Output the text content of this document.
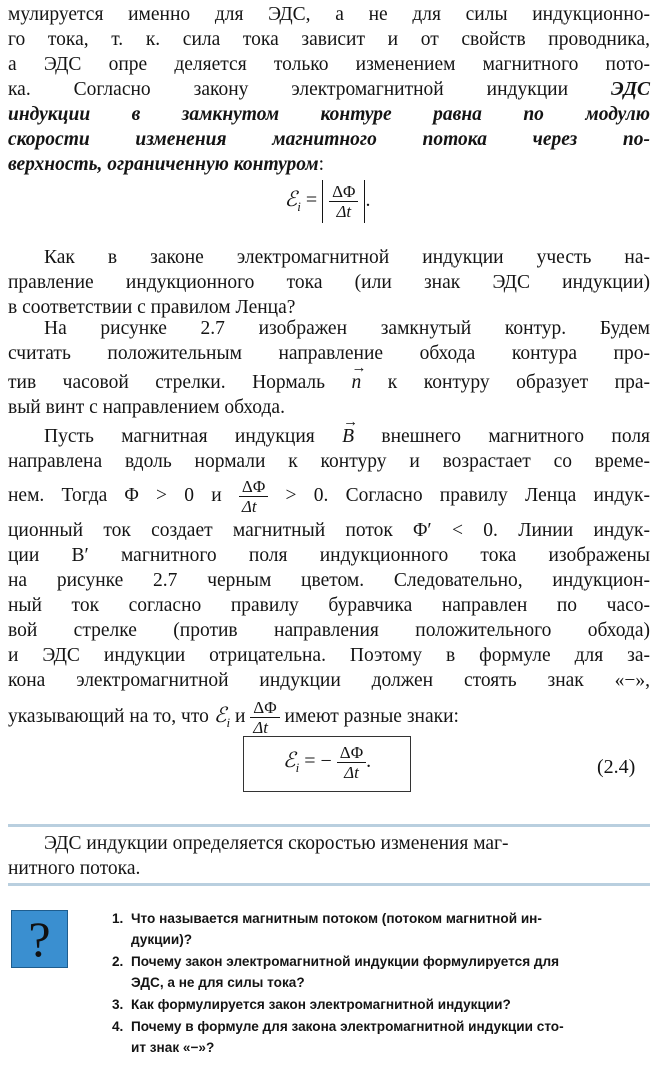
мулируется именно для ЭДС, а не для силы индукционно-
го тока, т. к. сила тока зависит и от свойств проводника,
а ЭДС опре деляется только изменением магнитного пото-
ка. Согласно закону электромагнитной индукции ЭДС
индукции в замкнутом контуре равна по модулю
скорости изменения магнитного потока через по-
верхность, ограниченную контуром:
ℰ$_i$ = $\frac{\Delta\Phi}{\Delta t}$ .
Как в законе электромагнитной индукции учесть на-
правление индукционного тока (или знак ЭДС индукции)
в соответствии с правилом Ленца?
На рисунке 2.7 изображен замкнутый контур. Будем
считать положительным направление обхода контура про-
тив часовой стрелки. Нормаль
→
n к контуру образует пра-
вый винт с направлением обхода.
Пусть магнитная индукция
→
B внешнего магнитного поля
направлена вдоль нормали к контуру и возрастает со време-
нем. Тогда Φ > 0 и $\frac{\Delta\Phi}{\Delta t} > 0$. Согласно правилу Ленца индук-
ционный ток создает магнитный поток Φ′ < 0. Линии индук-
ции B′ магнитного поля индукционного тока изображены
на рисунке 2.7 черным цветом. Следовательно, индукцион-
ный ток согласно правилу буравчика направлен по часо-
вой стрелке (против направления положительного обхода)
и ЭДС индукции отрицательна. Поэтому в формуле для за-
кона электромагнитной индукции должен стоять знак «−»,
указывающий на то, что ℰ$_i$ и $\frac{\Delta\Phi}{\Delta t}$ имеют разные знаки:
ℰ$_i$ = − $\frac{\Delta\Phi}{\Delta t}$ .	(2.4)
ЭДС индукции определяется скоростью изменения маг-
нитного потока.
?	1. Что называется магнитным потоком (потоком магнитной ин-
дукции)?
2. Почему закон электромагнитной индукции формулируется для
ЭДС, а не для силы тока?
3. Как формулируется закон электромагнитной индукции?
4. Почему в формуле для закона электромагнитной индукции сто-
ит знак «−»?
